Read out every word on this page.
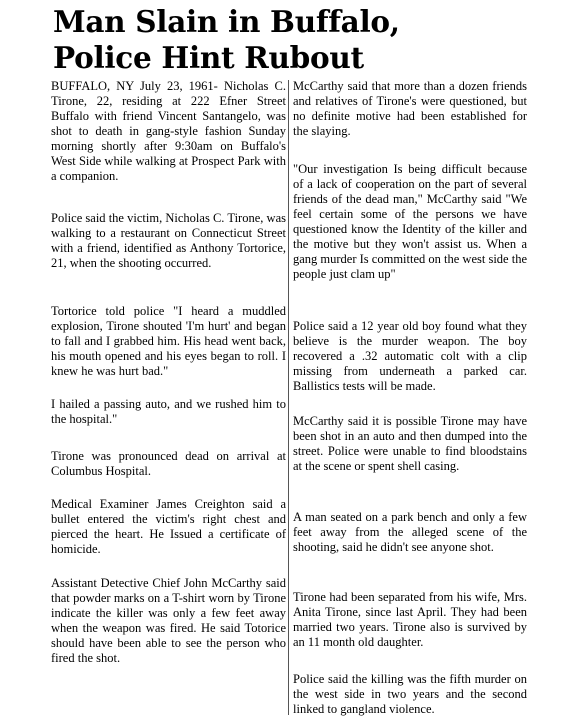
Man Slain in Buffalo,
Police Hint Rubout

BUFFALO, NY July 23, 1961- Nicholas C. Tirone, 22, residing at 222 Efner Street Buffalo with friend Vincent Santangelo, was shot to death in gang-style fashion Sunday morning shortly after 9:30am on Buffalo's West Side while walking at Prospect Park with a companion.

Police said the victim, Nicholas C. Tirone, was walking to a restaurant on Connecticut Street with a friend, identified as Anthony Tortorice, 21, when the shooting occurred.

Tortorice told police "I heard a muddled explosion, Tirone shouted 'I'm hurt' and began to fall and I grabbed him. His head went back, his mouth opened and his eyes began to roll. I knew he was hurt bad."

I hailed a passing auto, and we rushed him to the hospital."

Tirone was pronounced dead on arrival at Columbus Hospital.

Medical Examiner James Creighton said a bullet entered the victim's right chest and pierced the heart. He Issued a certificate of homicide.

Assistant Detective Chief John McCarthy said that powder marks on a T-shirt worn by Tirone indicate the killer was only a few feet away when the weapon was fired. He said Totorice should have been able to see the person who fired the shot.

McCarthy said that more than a dozen friends and relatives of Tirone's were questioned, but no definite motive had been established for the slaying.

"Our investigation Is being difficult because of a lack of cooperation on the part of several friends of the dead man," McCarthy said "We feel certain some of the persons we have questioned know the Identity of the killer and the motive but they won't assist us. When a gang murder Is committed on the west side the people just clam up"

Police said a 12 year old boy found what they believe is the murder weapon. The boy recovered a .32 automatic colt with a clip missing from underneath a parked car. Ballistics tests will be made.

McCarthy said it is possible Tirone may have been shot in an auto and then dumped into the street. Police were unable to find bloodstains at the scene or spent shell casing.

A man seated on a park bench and only a few feet away from the alleged scene of the shooting, said he didn't see anyone shot.

Tirone had been separated from his wife, Mrs. Anita Tirone, since last April. They had been married two years. Tirone also is survived by an 11 month old daughter.

Police said the killing was the fifth murder on the west side in two years and the second linked to gangland violence.
